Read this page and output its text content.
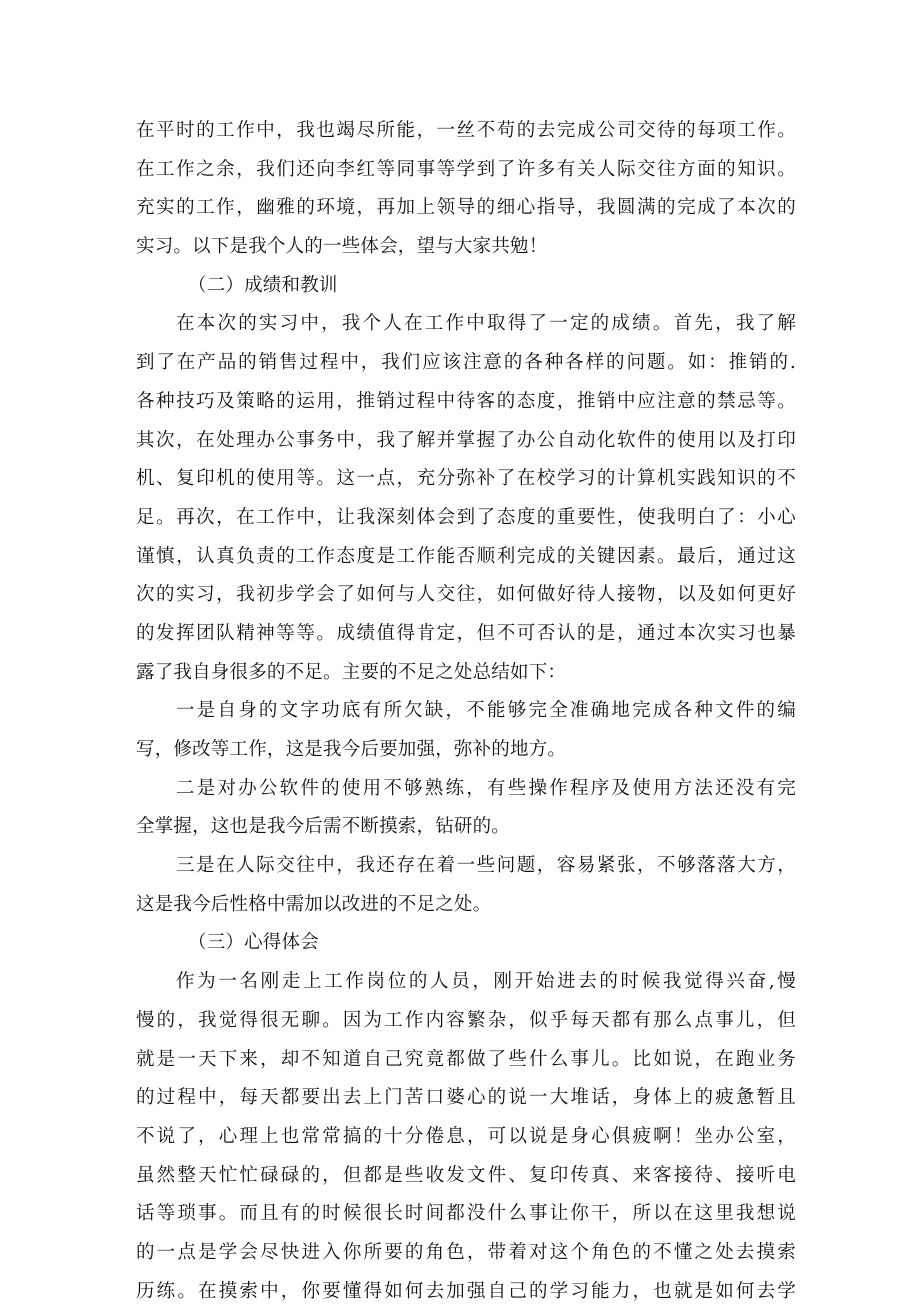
在平时的工作中，我也竭尽所能，一丝不苟的去完成公司交待的每项工作。
在工作之余，我们还向李红等同事等学到了许多有关人际交往方面的知识。
充实的工作，幽雅的环境，再加上领导的细心指导，我圆满的完成了本次的
实习。以下是我个人的一些体会，望与大家共勉！
（二）成绩和教训
在本次的实习中，我个人在工作中取得了一定的成绩。首先，我了解
到了在产品的销售过程中，我们应该注意的各种各样的问题。如：推销的.
各种技巧及策略的运用，推销过程中待客的态度，推销中应注意的禁忌等。
其次，在处理办公事务中，我了解并掌握了办公自动化软件的使用以及打印
机、复印机的使用等。这一点，充分弥补了在校学习的计算机实践知识的不
足。再次，在工作中，让我深刻体会到了态度的重要性，使我明白了：小心
谨慎，认真负责的工作态度是工作能否顺利完成的关键因素。最后，通过这
次的实习，我初步学会了如何与人交往，如何做好待人接物，以及如何更好
的发挥团队精神等等。成绩值得肯定，但不可否认的是，通过本次实习也暴
露了我自身很多的不足。主要的不足之处总结如下：
一是自身的文字功底有所欠缺，不能够完全准确地完成各种文件的编
写，修改等工作，这是我今后要加强，弥补的地方。
二是对办公软件的使用不够熟练，有些操作程序及使用方法还没有完
全掌握，这也是我今后需不断摸索，钻研的。
三是在人际交往中，我还存在着一些问题，容易紧张，不够落落大方，
这是我今后性格中需加以改进的不足之处。
（三）心得体会
作为一名刚走上工作岗位的人员，刚开始进去的时候我觉得兴奋,慢
慢的，我觉得很无聊。因为工作内容繁杂，似乎每天都有那么点事儿，但
就是一天下来，却不知道自己究竟都做了些什么事儿。比如说，在跑业务
的过程中，每天都要出去上门苦口婆心的说一大堆话，身体上的疲惫暂且
不说了，心理上也常常搞的十分倦息，可以说是身心俱疲啊！坐办公室，
虽然整天忙忙碌碌的，但都是些收发文件、复印传真、来客接待、接听电
话等琐事。而且有的时候很长时间都没什么事让你干，所以在这里我想说
的一点是学会尽快进入你所要的角色，带着对这个角色的不懂之处去摸索
历练。在摸索中，你要懂得如何去加强自己的学习能力，也就是如何去学
